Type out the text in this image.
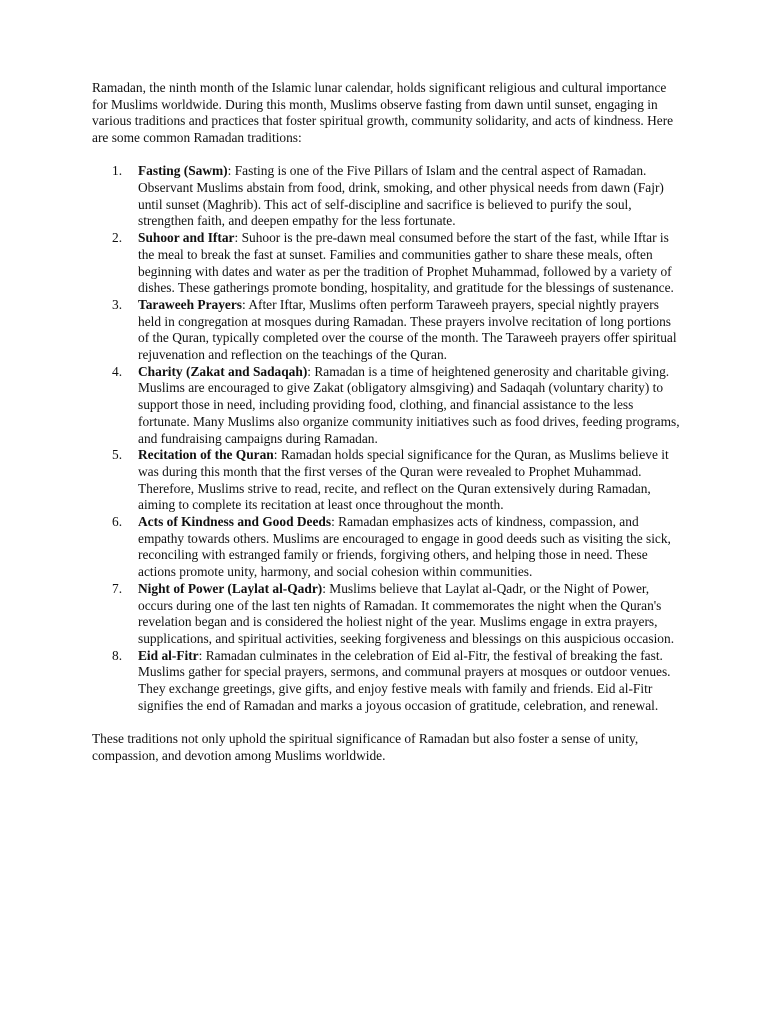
Ramadan, the ninth month of the Islamic lunar calendar, holds significant religious and cultural importance for Muslims worldwide. During this month, Muslims observe fasting from dawn until sunset, engaging in various traditions and practices that foster spiritual growth, community solidarity, and acts of kindness. Here are some common Ramadan traditions:

1.	Fasting (Sawm): Fasting is one of the Five Pillars of Islam and the central aspect of Ramadan. Observant Muslims abstain from food, drink, smoking, and other physical needs from dawn (Fajr) until sunset (Maghrib). This act of self-discipline and sacrifice is believed to purify the soul, strengthen faith, and deepen empathy for the less fortunate.
2.	Suhoor and Iftar: Suhoor is the pre-dawn meal consumed before the start of the fast, while Iftar is the meal to break the fast at sunset. Families and communities gather to share these meals, often beginning with dates and water as per the tradition of Prophet Muhammad, followed by a variety of dishes. These gatherings promote bonding, hospitality, and gratitude for the blessings of sustenance.
3.	Taraweeh Prayers: After Iftar, Muslims often perform Taraweeh prayers, special nightly prayers held in congregation at mosques during Ramadan. These prayers involve recitation of long portions of the Quran, typically completed over the course of the month. The Taraweeh prayers offer spiritual rejuvenation and reflection on the teachings of the Quran.
4.	Charity (Zakat and Sadaqah): Ramadan is a time of heightened generosity and charitable giving. Muslims are encouraged to give Zakat (obligatory almsgiving) and Sadaqah (voluntary charity) to support those in need, including providing food, clothing, and financial assistance to the less fortunate. Many Muslims also organize community initiatives such as food drives, feeding programs, and fundraising campaigns during Ramadan.
5.	Recitation of the Quran: Ramadan holds special significance for the Quran, as Muslims believe it was during this month that the first verses of the Quran were revealed to Prophet Muhammad. Therefore, Muslims strive to read, recite, and reflect on the Quran extensively during Ramadan, aiming to complete its recitation at least once throughout the month.
6.	Acts of Kindness and Good Deeds: Ramadan emphasizes acts of kindness, compassion, and empathy towards others. Muslims are encouraged to engage in good deeds such as visiting the sick, reconciling with estranged family or friends, forgiving others, and helping those in need. These actions promote unity, harmony, and social cohesion within communities.
7.	Night of Power (Laylat al-Qadr): Muslims believe that Laylat al-Qadr, or the Night of Power, occurs during one of the last ten nights of Ramadan. It commemorates the night when the Quran's revelation began and is considered the holiest night of the year. Muslims engage in extra prayers, supplications, and spiritual activities, seeking forgiveness and blessings on this auspicious occasion.
8.	Eid al-Fitr: Ramadan culminates in the celebration of Eid al-Fitr, the festival of breaking the fast. Muslims gather for special prayers, sermons, and communal prayers at mosques or outdoor venues. They exchange greetings, give gifts, and enjoy festive meals with family and friends. Eid al-Fitr signifies the end of Ramadan and marks a joyous occasion of gratitude, celebration, and renewal.

These traditions not only uphold the spiritual significance of Ramadan but also foster a sense of unity, compassion, and devotion among Muslims worldwide.
